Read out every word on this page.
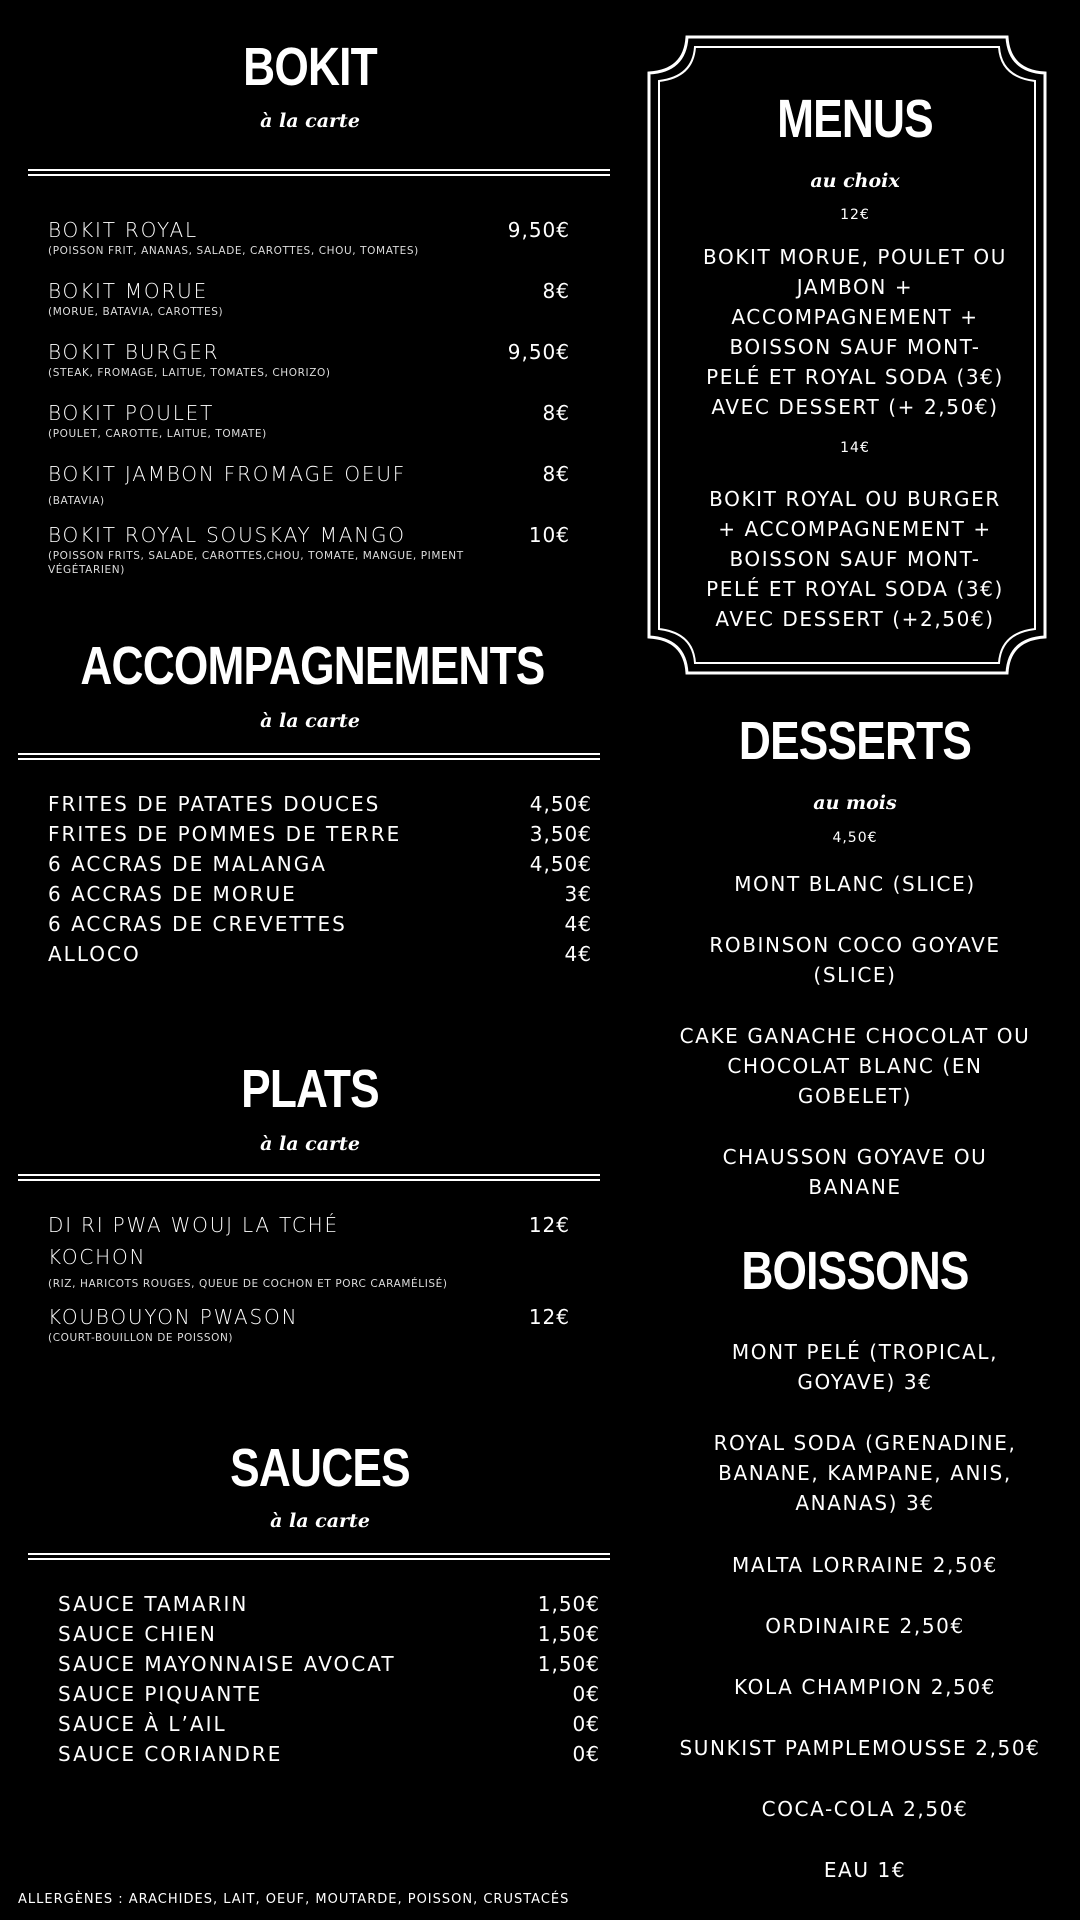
BOKIT
à la carte
BOKIT ROYAL
(POISSON FRIT, ANANAS, SALADE, CAROTTES, CHOU, TOMATES)
9,50€
BOKIT MORUE
(MORUE, BATAVIA, CAROTTES)
8€
BOKIT BURGER
(STEAK, FROMAGE, LAITUE, TOMATES, CHORIZO)
9,50€
BOKIT POULET
(POULET, CAROTTE, LAITUE, TOMATE)
8€
BOKIT JAMBON FROMAGE OEUF
(BATAVIA)
8€
BOKIT ROYAL SOUSKAY MANGO
(POISSON FRITS, SALADE, CAROTTES,CHOU, TOMATE, MANGUE, PIMENT VÉGÉTARIEN)
10€
ACCOMPAGNEMENTS
à la carte
FRITES DE PATATES DOUCES	4,50€
FRITES DE POMMES DE TERRE	3,50€
6 ACCRAS DE MALANGA	4,50€
6 ACCRAS DE MORUE	3€
6 ACCRAS DE CREVETTES	4€
ALLOCO	4€
PLATS
à la carte
DI RI PWA WOUJ LA TCHÉ
KOCHON
(RIZ, HARICOTS ROUGES, QUEUE DE COCHON ET PORC CARAMÉLISÉ)
12€
KOUBOUYON PWASON
(COURT-BOUILLON DE POISSON)
12€
SAUCES
à la carte
SAUCE TAMARIN	1,50€
SAUCE CHIEN	1,50€
SAUCE MAYONNAISE AVOCAT	1,50€
SAUCE PIQUANTE	0€
SAUCE À L’AIL	0€
SAUCE CORIANDRE	0€
MENUS
au choix
12€
BOKIT MORUE, POULET OU
JAMBON +
ACCOMPAGNEMENT +
BOISSON SAUF MONT-
PELÉ ET ROYAL SODA (3€)
AVEC DESSERT (+ 2,50€)
14€
BOKIT ROYAL OU BURGER
+ ACCOMPAGNEMENT +
BOISSON SAUF MONT-
PELÉ ET ROYAL SODA (3€)
AVEC DESSERT (+2,50€)
DESSERTS
au mois
4,50€
MONT BLANC (SLICE)
ROBINSON COCO GOYAVE
(SLICE)
CAKE GANACHE CHOCOLAT OU
CHOCOLAT BLANC (EN
GOBELET)
CHAUSSON GOYAVE OU
BANANE
BOISSONS
MONT PELÉ (TROPICAL,
GOYAVE) 3€
ROYAL SODA (GRENADINE,
BANANE, KAMPANE, ANIS,
ANANAS) 3€
MALTA LORRAINE 2,50€
ORDINAIRE 2,50€
KOLA CHAMPION 2,50€
SUNKIST PAMPLEMOUSSE 2,50€
COCA-COLA 2,50€
EAU 1€
ALLERGÈNES : ARACHIDES, LAIT, OEUF, MOUTARDE, POISSON, CRUSTACÉS
